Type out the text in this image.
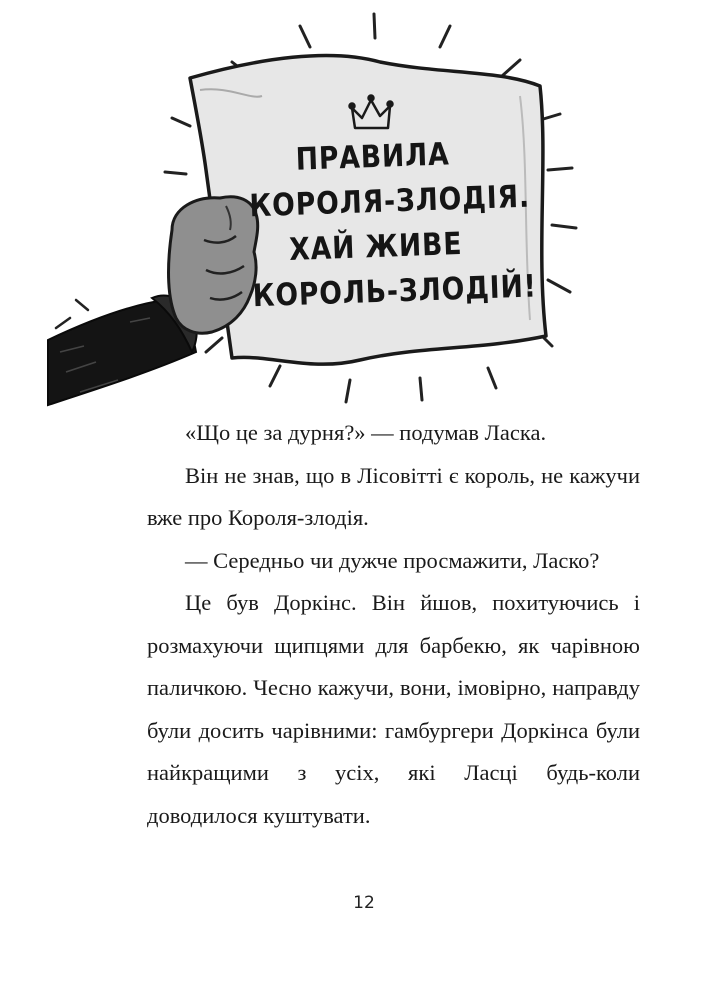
ПРАВИЛА
КОРОЛЯ-ЗЛОДІЯ.
ХАЙ ЖИВЕ
КОРОЛЬ-ЗЛОДІЙ!

«Що це за дурня?» — подумав Ласка.

Він не знав, що в Лісовітті є король, не кажучи вже про Короля-злодія.

— Середньо чи дужче просмажити, Ласко?

Це був Доркінс. Він йшов, похитуючись і розмахуючи щипцями для барбекю, як чарівною паличкою. Чесно кажучи, вони, імовірно, направду були досить чарівними: гамбургери Доркінса були найкращими з усіх, які Ласці будь-коли доводилося куштувати.

12
